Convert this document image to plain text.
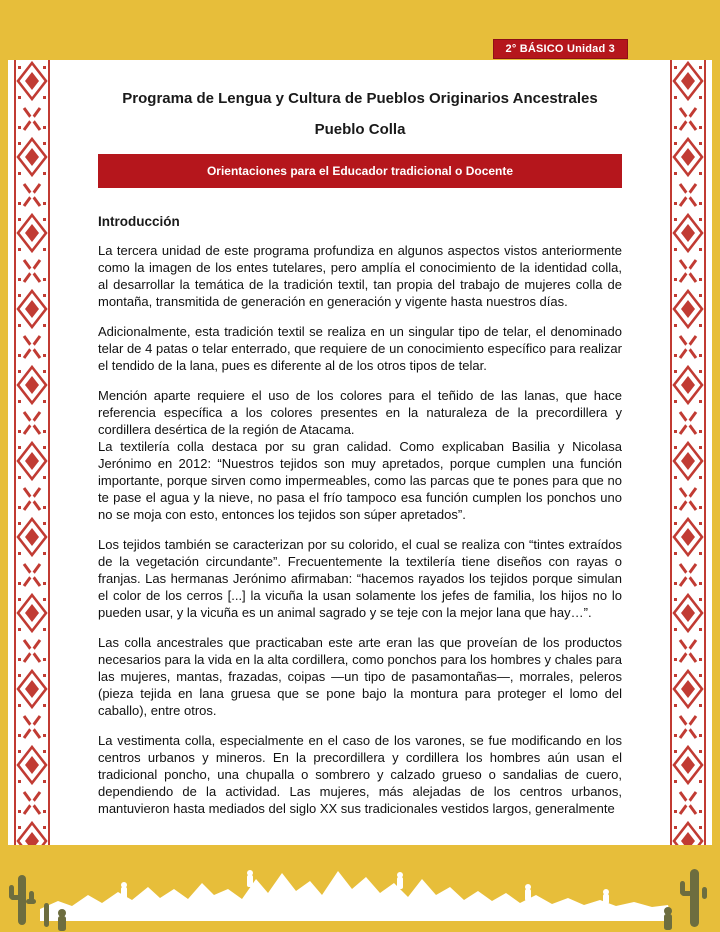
2° BÁSICO Unidad 3
Programa de Lengua y Cultura de Pueblos Originarios Ancestrales
Pueblo Colla
Orientaciones para el Educador tradicional o Docente
Introducción

La tercera unidad de este programa profundiza en algunos aspectos vistos anteriormente como la imagen de los entes tutelares, pero amplía el conocimiento de la identidad colla, al desarrollar la temática de la tradición textil, tan propia del trabajo de mujeres colla de montaña, transmitida de generación en generación y vigente hasta nuestros días.

Adicionalmente, esta tradición textil se realiza en un singular tipo de telar, el denominado telar de 4 patas o telar enterrado, que requiere de un conocimiento específico para realizar el tendido de la lana, pues es diferente al de los otros tipos de telar.

Mención aparte requiere el uso de los colores para el teñido de las lanas, que hace referencia específica a los colores presentes en la naturaleza de la precordillera y cordillera desértica de la región de Atacama.

La textilería colla destaca por su gran calidad. Como explicaban Basilia y Nicolasa Jerónimo en 2012: “Nuestros tejidos son muy apretados, porque cumplen una función importante, porque sirven como impermeables, como las parcas que te pones para que no te pase el agua y la nieve, no pasa el frío tampoco esa función cumplen los ponchos uno no se moja con esto, entonces los tejidos son súper apretados”.

Los tejidos también se caracterizan por su colorido, el cual se realiza con “tintes extraídos de la vegetación circundante”. Frecuentemente la textilería tiene diseños con rayas o franjas. Las hermanas Jerónimo afirmaban: “hacemos rayados los tejidos porque simulan el color de los cerros [...] la vicuña la usan solamente los jefes de familia, los hijos no lo pueden usar, y la vicuña es un animal sagrado y se teje con la mejor lana que hay…”.

Las colla ancestrales que practicaban este arte eran las que proveían de los productos necesarios para la vida en la alta cordillera, como ponchos para los hombres y chales para las mujeres, mantas, frazadas, coipas —un tipo de pasamontañas—, morrales, peleros (pieza tejida en lana gruesa que se pone bajo la montura para proteger el lomo del caballo), entre otros.

La vestimenta colla, especialmente en el caso de los varones, se fue modificando en los centros urbanos y mineros. En la precordillera y cordillera los hombres aún usan el tradicional poncho, una chupalla o sombrero y calzado grueso o sandalias de cuero, dependiendo de la actividad. Las mujeres, más alejadas de los centros urbanos, mantuvieron hasta mediados del siglo XX sus tradicionales vestidos largos, generalmente
